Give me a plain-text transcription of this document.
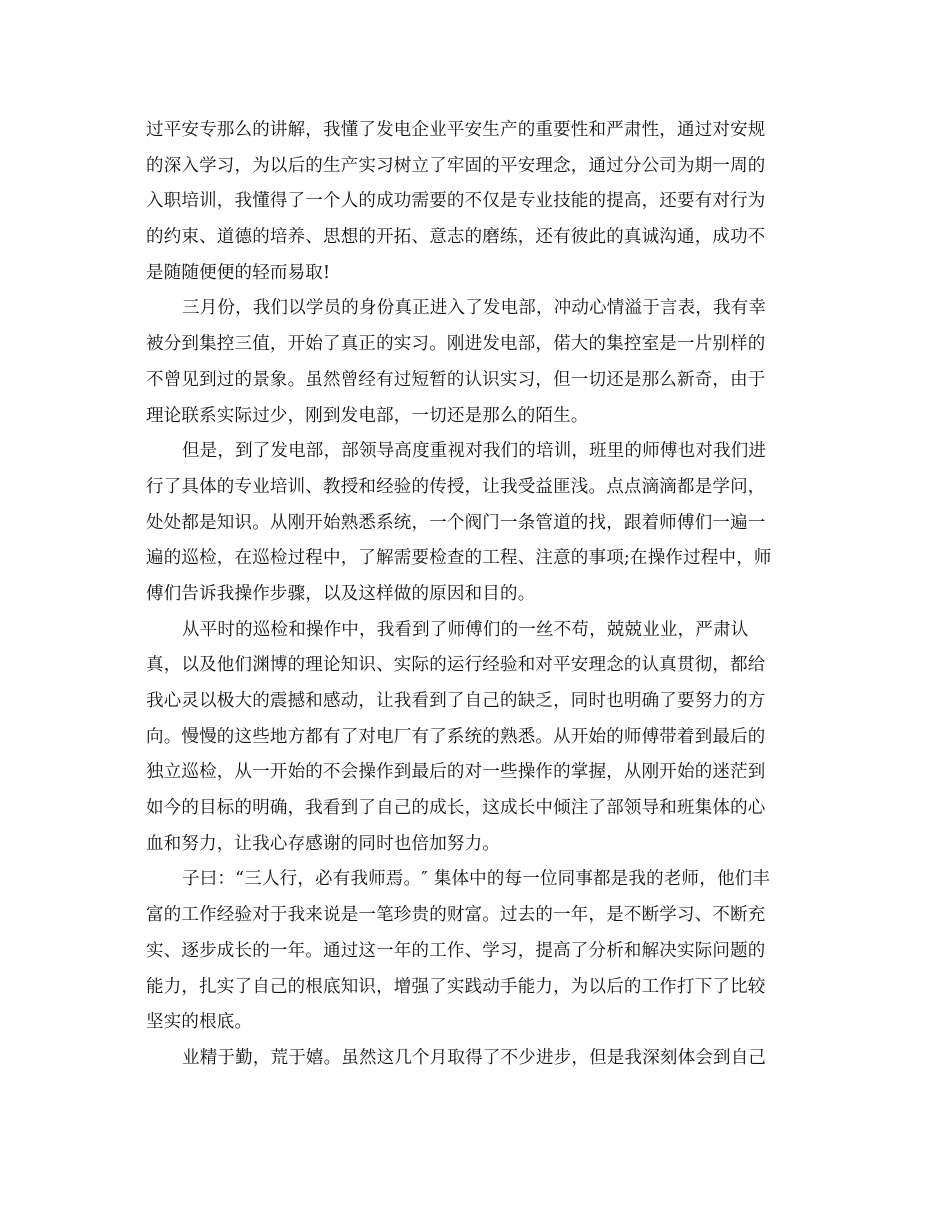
过平安专那么的讲解，我懂了发电企业平安生产的重要性和严肃性，通过对安规
的深入学习，为以后的生产实习树立了牢固的平安理念，通过分公司为期一周的
入职培训，我懂得了一个人的成功需要的不仅是专业技能的提高，还要有对行为
的约束、道德的培养、思想的开拓、意志的磨练，还有彼此的真诚沟通，成功不
是随随便便的轻而易取!
三月份，我们以学员的身份真正进入了发电部，冲动心情溢于言表，我有幸
被分到集控三值，开始了真正的实习。刚进发电部，偌大的集控室是一片别样的
不曾见到过的景象。虽然曾经有过短暂的认识实习，但一切还是那么新奇，由于
理论联系实际过少，刚到发电部，一切还是那么的陌生。
但是，到了发电部，部领导高度重视对我们的培训，班里的师傅也对我们进
行了具体的专业培训、教授和经验的传授，让我受益匪浅。点点滴滴都是学问，
处处都是知识。从刚开始熟悉系统，一个阀门一条管道的找，跟着师傅们一遍一
遍的巡检，在巡检过程中，了解需要检查的工程、注意的事项;在操作过程中，师
傅们告诉我操作步骤，以及这样做的原因和目的。
从平时的巡检和操作中，我看到了师傅们的一丝不苟，兢兢业业，严肃认
真，以及他们渊博的理论知识、实际的运行经验和对平安理念的认真贯彻，都给
我心灵以极大的震撼和感动，让我看到了自己的缺乏，同时也明确了要努力的方
向。慢慢的这些地方都有了对电厂有了系统的熟悉。从开始的师傅带着到最后的
独立巡检，从一开始的不会操作到最后的对一些操作的掌握，从刚开始的迷茫到
如今的目标的明确，我看到了自己的成长，这成长中倾注了部领导和班集体的心
血和努力，让我心存感谢的同时也倍加努力。
子曰：“三人行，必有我师焉。″ 集体中的每一位同事都是我的老师，他们丰
富的工作经验对于我来说是一笔珍贵的财富。过去的一年，是不断学习、不断充
实、逐步成长的一年。通过这一年的工作、学习，提高了分析和解决实际问题的
能力，扎实了自己的根底知识，增强了实践动手能力，为以后的工作打下了比较
坚实的根底。
业精于勤，荒于嬉。虽然这几个月取得了不少进步，但是我深刻体会到自己
